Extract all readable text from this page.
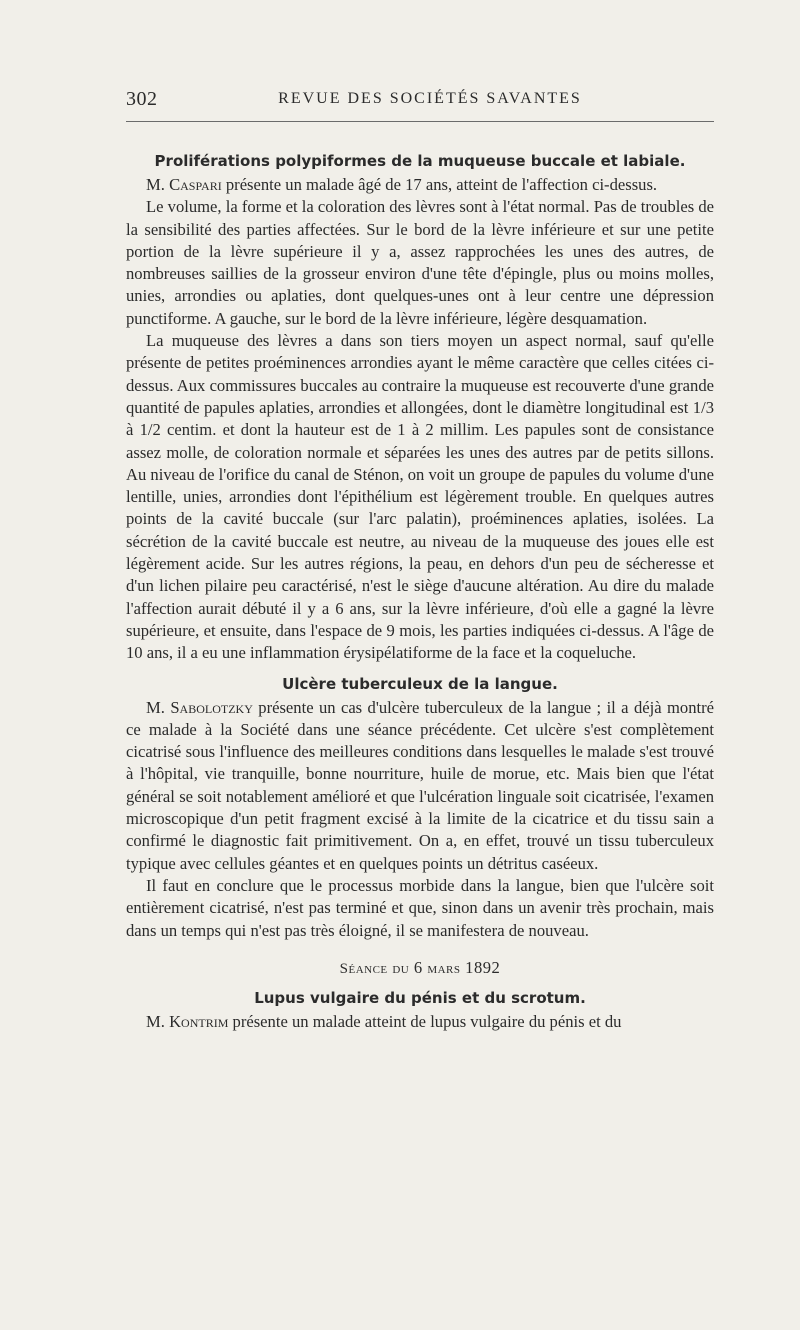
302	REVUE DES SOCIÉTÉS SAVANTES
Proliférations polypiformes de la muqueuse buccale et labiale.

M. Caspari présente un malade âgé de 17 ans, atteint de l'affection ci-dessus.

Le volume, la forme et la coloration des lèvres sont à l'état normal. Pas de troubles de la sensibilité des parties affectées. Sur le bord de la lèvre inférieure et sur une petite portion de la lèvre supérieure il y a, assez rapprochées les unes des autres, de nombreuses saillies de la grosseur environ d'une tête d'épingle, plus ou moins molles, unies, arrondies ou aplaties, dont quelques-unes ont à leur centre une dépression punctiforme. A gauche, sur le bord de la lèvre inférieure, légère desquamation.

La muqueuse des lèvres a dans son tiers moyen un aspect normal, sauf qu'elle présente de petites proéminences arrondies ayant le même caractère que celles citées ci-dessus. Aux commissures buccales au contraire la muqueuse est recouverte d'une grande quantité de papules aplaties, arrondies et allongées, dont le diamètre longitudinal est 1/3 à 1/2 centim. et dont la hauteur est de 1 à 2 millim. Les papules sont de consistance assez molle, de coloration normale et séparées les unes des autres par de petits sillons. Au niveau de l'orifice du canal de Sténon, on voit un groupe de papules du volume d'une lentille, unies, arrondies dont l'épithélium est légèrement trouble. En quelques autres points de la cavité buccale (sur l'arc palatin), proéminences aplaties, isolées. La sécrétion de la cavité buccale est neutre, au niveau de la muqueuse des joues elle est légèrement acide. Sur les autres régions, la peau, en dehors d'un peu de sécheresse et d'un lichen pilaire peu caractérisé, n'est le siège d'aucune altération. Au dire du malade l'affection aurait débuté il y a 6 ans, sur la lèvre inférieure, d'où elle a gagné la lèvre supérieure, et ensuite, dans l'espace de 9 mois, les parties indiquées ci-dessus. A l'âge de 10 ans, il a eu une inflammation érysipélatiforme de la face et la coqueluche.

Ulcère tuberculeux de la langue.

M. Sabolotzky présente un cas d'ulcère tuberculeux de la langue ; il a déjà montré ce malade à la Société dans une séance précédente. Cet ulcère s'est complètement cicatrisé sous l'influence des meilleures conditions dans lesquelles le malade s'est trouvé à l'hôpital, vie tranquille, bonne nourriture, huile de morue, etc. Mais bien que l'état général se soit notablement amélioré et que l'ulcération linguale soit cicatrisée, l'examen microscopique d'un petit fragment excisé à la limite de la cicatrice et du tissu sain a confirmé le diagnostic fait primitivement. On a, en effet, trouvé un tissu tuberculeux typique avec cellules géantes et en quelques points un détritus caséeux.

Il faut en conclure que le processus morbide dans la langue, bien que l'ulcère soit entièrement cicatrisé, n'est pas terminé et que, sinon dans un avenir très prochain, mais dans un temps qui n'est pas très éloigné, il se manifestera de nouveau.

Séance du 6 mars 1892
Lupus vulgaire du pénis et du scrotum.

M. Kontrim présente un malade atteint de lupus vulgaire du pénis et du
